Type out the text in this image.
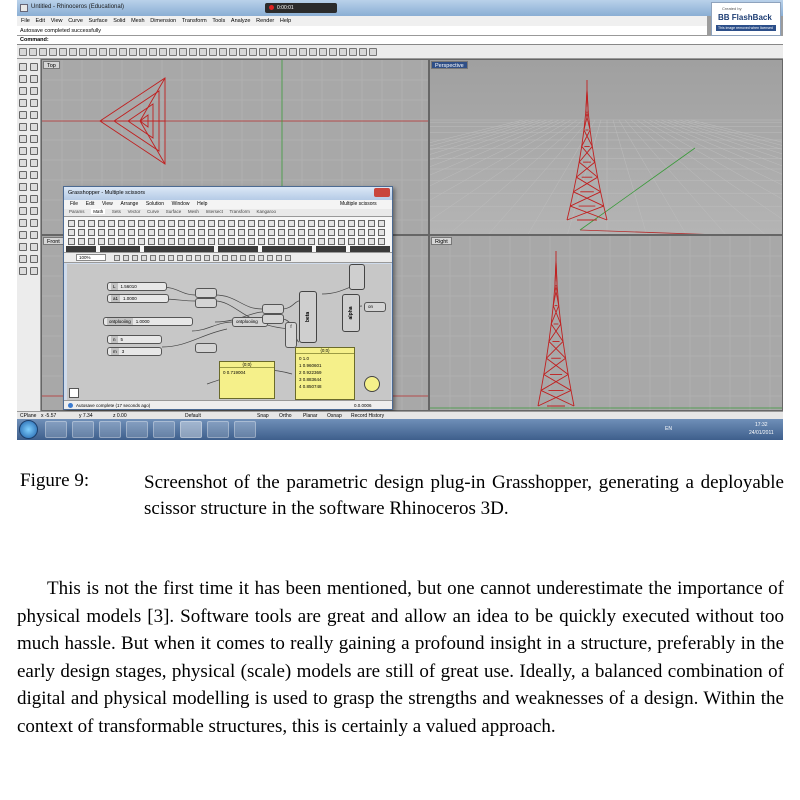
Untitled - Rhinoceros (Educational)	0:00:01
File Edit View Curve Surface Solid Mesh Dimension Transform Tools Analyze Render Help
Created by
BB FlashBack
This image removed when licensed
Autosave completed successfully
Command:
Top	Perspective
Front	Right
Grasshopper - Multiple scissors
File Edit View Arrange Solution Window Help	Multiple scissors
Params Math Sets Vector Curve Surface Mesh Intersect Transform Kangaroo
100%
L 1.56010
a1 1.0000
ontplooiing 1.0000
n 5
m 3
ontplooiing
f
beta	alpha	on
{0;0}
0 0.719004
{0;0}
0 1.0
1 0.960601
2 0.922369
3 0.883644
4 0.850748
Autosave complete (17 seconds ago)	0.0.0006
CPlane x -5.57	y 7.34	z 0.00	Default	Snap Ortho Planar Osnap Record History
EN
17:32
24/01/2011
Figure 9:	Screenshot of the parametric design plug-in Grasshopper, generating a deployable scissor structure in the software Rhinoceros 3D.
This is not the first time it has been mentioned, but one cannot underestimate the importance of physical models [3]. Software tools are great and allow an idea to be quickly executed without too much hassle. But when it comes to really gaining a profound insight in a structure, preferably in the early design stages, physical (scale) models are still of great use. Ideally, a balanced combination of digital and physical modelling is used to grasp the strengths and weaknesses of a design. Within the context of transformable structures, this is certainly a valued approach.
